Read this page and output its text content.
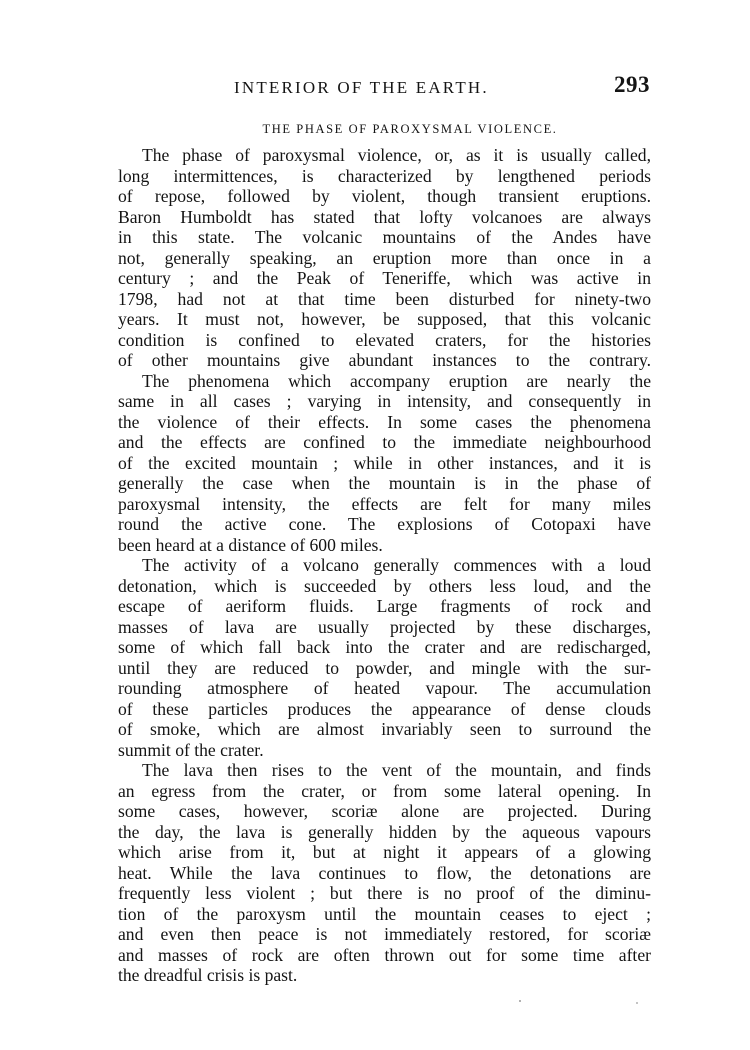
INTERIOR OF THE EARTH.	293
THE PHASE OF PAROXYSMAL VIOLENCE.
The phase of paroxysmal violence, or, as it is usually called,
long intermittences, is characterized by lengthened periods
of repose, followed by violent, though transient eruptions.
Baron Humboldt has stated that lofty volcanoes are always
in this state. The volcanic mountains of the Andes have
not, generally speaking, an eruption more than once in a
century ; and the Peak of Teneriffe, which was active in
1798, had not at that time been disturbed for ninety-two
years. It must not, however, be supposed, that this volcanic
condition is confined to elevated craters, for the histories
of other mountains give abundant instances to the contrary.
The phenomena which accompany eruption are nearly the
same in all cases ; varying in intensity, and consequently in
the violence of their effects. In some cases the phenomena
and the effects are confined to the immediate neighbourhood
of the excited mountain ; while in other instances, and it is
generally the case when the mountain is in the phase of
paroxysmal intensity, the effects are felt for many miles
round the active cone. The explosions of Cotopaxi have
been heard at a distance of 600 miles.
The activity of a volcano generally commences with a loud
detonation, which is succeeded by others less loud, and the
escape of aeriform fluids. Large fragments of rock and
masses of lava are usually projected by these discharges,
some of which fall back into the crater and are redischarged,
until they are reduced to powder, and mingle with the sur-
rounding atmosphere of heated vapour. The accumulation
of these particles produces the appearance of dense clouds
of smoke, which are almost invariably seen to surround the
summit of the crater.
The lava then rises to the vent of the mountain, and finds
an egress from the crater, or from some lateral opening. In
some cases, however, scoriæ alone are projected. During
the day, the lava is generally hidden by the aqueous vapours
which arise from it, but at night it appears of a glowing
heat. While the lava continues to flow, the detonations are
frequently less violent ; but there is no proof of the diminu-
tion of the paroxysm until the mountain ceases to eject ;
and even then peace is not immediately restored, for scoriæ
and masses of rock are often thrown out for some time after
the dreadful crisis is past.
